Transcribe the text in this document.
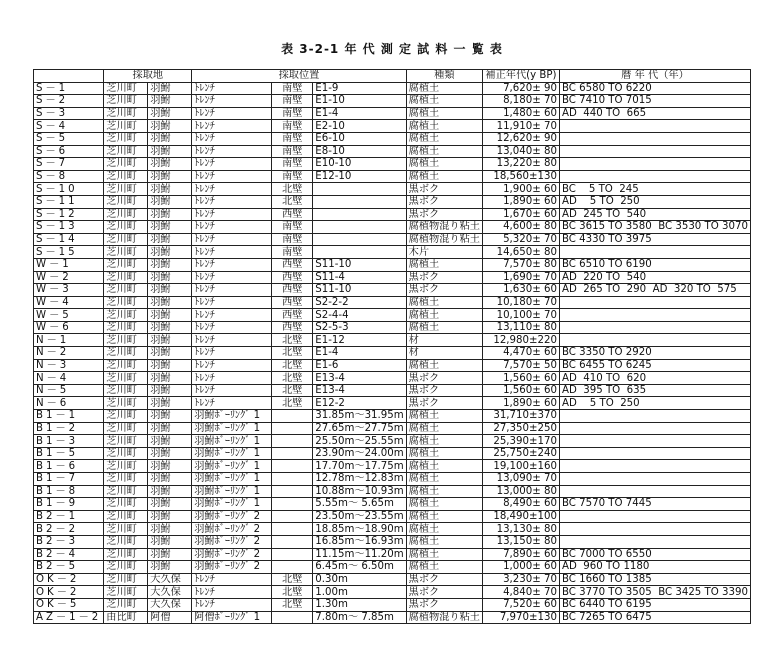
表 3-2-1 年 代 測 定 試 料 一 覧 表
	採取地		採取位置			種類	補正年代(y BP)	暦 年 代（年）
S－1	芝川町	羽鮒	ﾄﾚﾝﾁ	南壁	E1-9	腐植土	7,620± 90	BC 6580 TO 6220
S－2	芝川町	羽鮒	ﾄﾚﾝﾁ	南壁	E1-10	腐植土	8,180± 70	BC 7410 TO 7015
S－3	芝川町	羽鮒	ﾄﾚﾝﾁ	南壁	E1-4	腐植土	1,480± 60	AD  440 TO  665
S－4	芝川町	羽鮒	ﾄﾚﾝﾁ	南壁	E2-10	腐植土	11,910± 70	
S－5	芝川町	羽鮒	ﾄﾚﾝﾁ	南壁	E6-10	腐植土	12,620± 90	
S－6	芝川町	羽鮒	ﾄﾚﾝﾁ	南壁	E8-10	腐植土	13,040± 80	
S－7	芝川町	羽鮒	ﾄﾚﾝﾁ	南壁	E10-10	腐植土	13,220± 80	
S－8	芝川町	羽鮒	ﾄﾚﾝﾁ	南壁	E12-10	腐植土	18,560±130	
S－10	芝川町	羽鮒	ﾄﾚﾝﾁ	北壁		黒ボク	1,900± 60	BC    5 TO  245
S－11	芝川町	羽鮒	ﾄﾚﾝﾁ	北壁		黒ボク	1,890± 60	AD    5 TO  250
S－12	芝川町	羽鮒	ﾄﾚﾝﾁ	西壁		黒ボク	1,670± 60	AD  245 TO  540
S－13	芝川町	羽鮒	ﾄﾚﾝﾁ	南壁		腐植物混り粘土	4,600± 80	BC 3615 TO 3580  BC 3530 TO 3070
S－14	芝川町	羽鮒	ﾄﾚﾝﾁ	南壁		腐植物混り粘土	5,320± 70	BC 4330 TO 3975
S－15	芝川町	羽鮒	ﾄﾚﾝﾁ	南壁		木片	14,650± 80	
W－1	芝川町	羽鮒	ﾄﾚﾝﾁ	西壁	S11-10	腐植土	7,570± 80	BC 6510 TO 6190
W－2	芝川町	羽鮒	ﾄﾚﾝﾁ	西壁	S11-4	黒ボク	1,690± 70	AD  220 TO  540
W－3	芝川町	羽鮒	ﾄﾚﾝﾁ	西壁	S11-10	黒ボク	1,630± 60	AD  265 TO  290  AD  320 TO  575
W－4	芝川町	羽鮒	ﾄﾚﾝﾁ	西壁	S2-2-2	腐植土	10,180± 70	
W－5	芝川町	羽鮒	ﾄﾚﾝﾁ	西壁	S2-4-4	腐植土	10,100± 70	
W－6	芝川町	羽鮒	ﾄﾚﾝﾁ	西壁	S2-5-3	腐植土	13,110± 80	
N－1	芝川町	羽鮒	ﾄﾚﾝﾁ	北壁	E1-12	材	12,980±220	
N－2	芝川町	羽鮒	ﾄﾚﾝﾁ	北壁	E1-4	材	4,470± 60	BC 3350 TO 2920
N－3	芝川町	羽鮒	ﾄﾚﾝﾁ	北壁	E1-6	腐植土	7,570± 50	BC 6455 TO 6245
N－4	芝川町	羽鮒	ﾄﾚﾝﾁ	北壁	E13-4	黒ボク	1,560± 60	AD  410 TO  620
N－5	芝川町	羽鮒	ﾄﾚﾝﾁ	北壁	E13-4	黒ボク	1,560± 60	AD  395 TO  635
N－6	芝川町	羽鮒	ﾄﾚﾝﾁ	北壁	E12-2	黒ボク	1,890± 60	AD    5 TO  250
B1－1	芝川町	羽鮒	羽鮒ﾎﾞｰﾘﾝｸﾞ 1		31.85m～31.95m	腐植土	31,710±370	
B1－2	芝川町	羽鮒	羽鮒ﾎﾞｰﾘﾝｸﾞ 1		27.65m～27.75m	腐植土	27,350±250	
B1－3	芝川町	羽鮒	羽鮒ﾎﾞｰﾘﾝｸﾞ 1		25.50m～25.55m	腐植土	25,390±170	
B1－5	芝川町	羽鮒	羽鮒ﾎﾞｰﾘﾝｸﾞ 1		23.90m～24.00m	腐植土	25,750±240	
B1－6	芝川町	羽鮒	羽鮒ﾎﾞｰﾘﾝｸﾞ 1		17.70m～17.75m	腐植土	19,100±160	
B1－7	芝川町	羽鮒	羽鮒ﾎﾞｰﾘﾝｸﾞ 1		12.78m～12.83m	腐植土	13,090± 70	
B1－8	芝川町	羽鮒	羽鮒ﾎﾞｰﾘﾝｸﾞ 1		10.88m～10.93m	腐植土	13,000± 80	
B1－9	芝川町	羽鮒	羽鮒ﾎﾞｰﾘﾝｸﾞ 1		5.55m～ 5.65m	腐植土	8,490± 60	BC 7570 TO 7445
B2－1	芝川町	羽鮒	羽鮒ﾎﾞｰﾘﾝｸﾞ 2		23.50m～23.55m	腐植土	18,490±100	
B2－2	芝川町	羽鮒	羽鮒ﾎﾞｰﾘﾝｸﾞ 2		18.85m～18.90m	腐植土	13,130± 80	
B2－3	芝川町	羽鮒	羽鮒ﾎﾞｰﾘﾝｸﾞ 2		16.85m～16.93m	腐植土	13,150± 80	
B2－4	芝川町	羽鮒	羽鮒ﾎﾞｰﾘﾝｸﾞ 2		11.15m～11.20m	腐植土	7,890± 60	BC 7000 TO 6550
B2－5	芝川町	羽鮒	羽鮒ﾎﾞｰﾘﾝｸﾞ 2		6.45m～ 6.50m	腐植土	1,000± 60	AD  960 TO 1180
OK－2	芝川町	大久保	ﾄﾚﾝﾁ	北壁	0.30m	黒ボク	3,230± 70	BC 1660 TO 1385
OK－2	芝川町	大久保	ﾄﾚﾝﾁ	北壁	1.00m	黒ボク	4,840± 70	BC 3770 TO 3505  BC 3425 TO 3390
OK－5	芝川町	大久保	ﾄﾚﾝﾁ	北壁	1.30m	黒ボク	7,520± 60	BC 6440 TO 6195
AZ－1－2	由比町	阿僧	阿僧ﾎﾞｰﾘﾝｸﾞ 1		7.80m～ 7.85m	腐植物混り粘土	7,970±130	BC 7265 TO 6475
